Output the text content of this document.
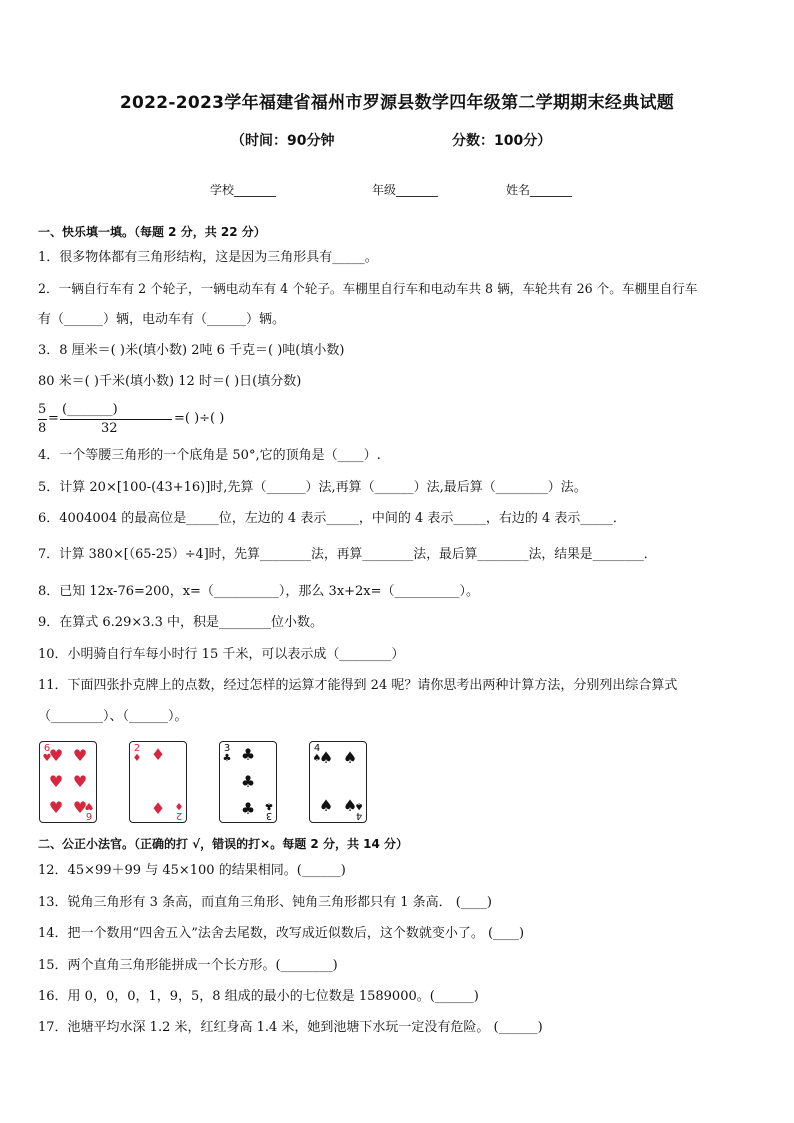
2022-2023学年福建省福州市罗源县数学四年级第二学期期末经典试题
（时间：90分钟	分数：100分）
学校_______	年级_______	姓名_______
一、快乐填一填。（每题 2 分，共 22 分）
1．很多物体都有三角形结构，这是因为三角形具有_____。
2．一辆自行车有 2 个轮子，一辆电动车有 4 个轮子。车棚里自行车和电动车共 8 辆，车轮共有 26 个。车棚里自行车
有（______）辆，电动车有（______）辆。
3．8 厘米＝( )米(填小数) 2吨 6 千克＝( )吨(填小数)
80 米＝( )千米(填小数) 12 时＝( )日(填分数)
5
8
=
(_______)
32
=( )÷( )
4．一个等腰三角形的一个底角是 50°,它的顶角是（____）.
5．计算 20×[100-(43+16)]时,先算（______）法,再算（______）法,最后算（________）法。
6．4004004 的最高位是_____位，左边的 4 表示_____，中间的 4 表示_____，右边的 4 表示_____．
7．计算 380×[（65-25）÷4]时，先算________法，再算________法，最后算________法，结果是________．
8．已知 12x-76=200，x=（__________），那么 3x+2x=（__________）。
9．在算式 6.29×3.3 中，积是________位小数。
10．小明骑自行车每小时行 15 千米，可以表示成（________）
11．下面四张扑克牌上的点数，经过怎样的运算才能得到 24 呢？请你思考出两种计算方法，分别列出综合算式
（________）、（______）。
6
♥
6
♥
♥ ♥
♥ ♥
♥ ♥
2
♦
2
♦
♦
♦
3
♣
3
♣
♣
♣
♣
4
♠
4
♠
♠ ♠
♠ ♠
二、公正小法官。（正确的打 √，错误的打×。每题 2 分，共 14 分）
12．45×99＋99 与 45×100 的结果相同。(______)
13．锐角三角形有 3 条高，而直角三角形、钝角三角形都只有 1 条高． (____)
14．把一个数用“四舍五入”法舍去尾数，改写成近似数后，这个数就变小了。 (____)
15．两个直角三角形能拼成一个长方形。(________)
16．用 0，0，0，1，9，5，8 组成的最小的七位数是 1589000。(______)
17．池塘平均水深 1.2 米，红红身高 1.4 米，她到池塘下水玩一定没有危险。 (______)
